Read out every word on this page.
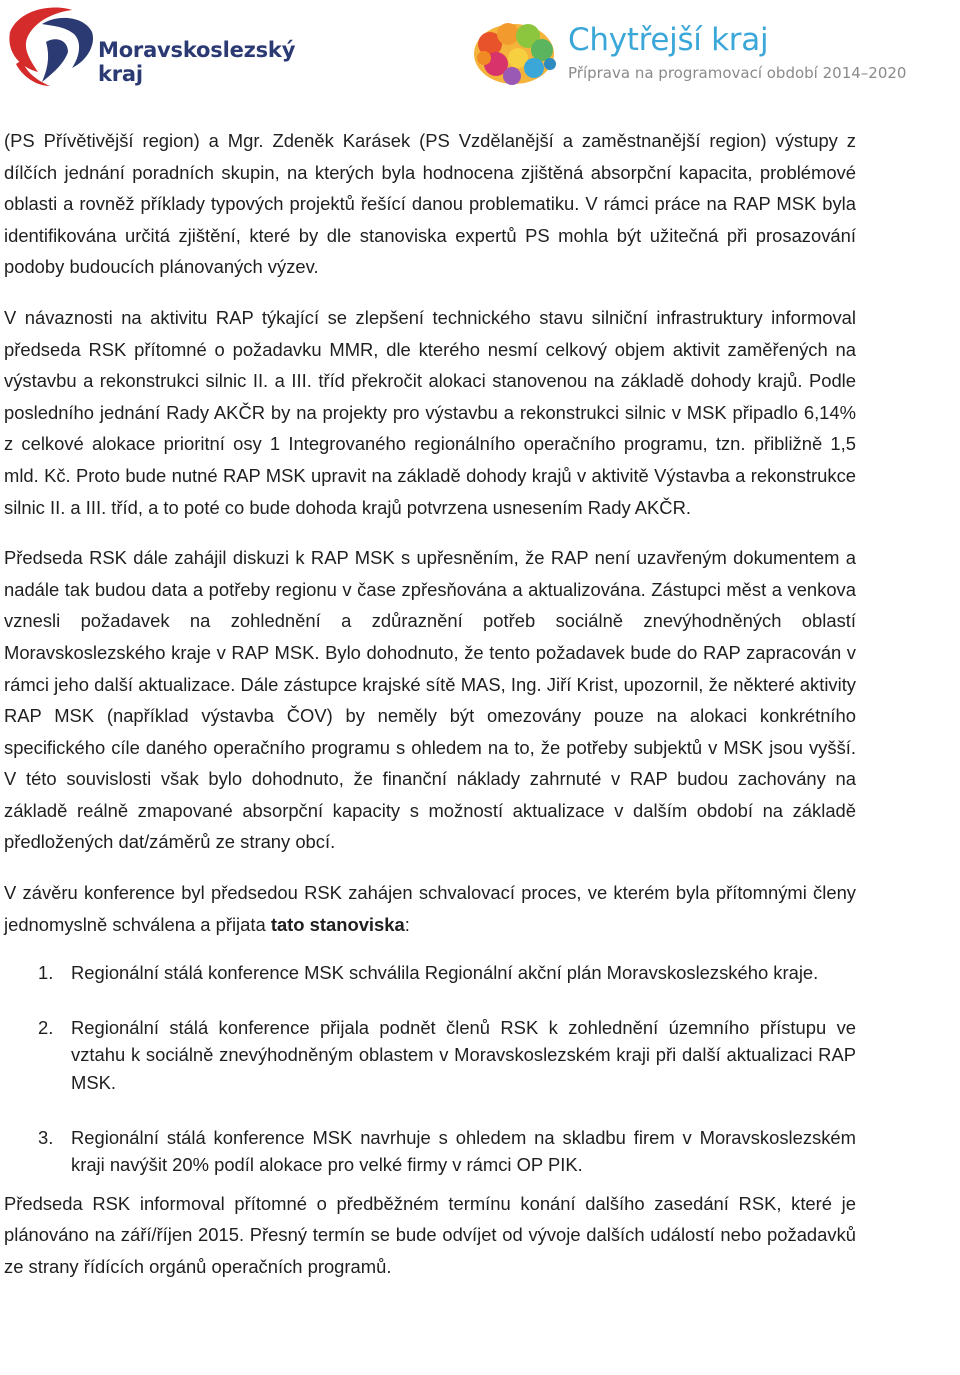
Moravskoslezský
kraj
Chytřejší kraj
Příprava na programovací období 2014–2020

(PS Přívětivější region) a Mgr. Zdeněk Karásek (PS Vzdělanější a zaměstnanější region) výstupy z dílčích jednání poradních skupin, na kterých byla hodnocena zjištěná absorpční kapacita, problémové oblasti a rovněž příklady typových projektů řešící danou problematiku. V rámci práce na RAP MSK byla identifikována určitá zjištění, které by dle stanoviska expertů PS mohla být užitečná při prosazování podoby budoucích plánovaných výzev.

V návaznosti na aktivitu RAP týkající se zlepšení technického stavu silniční infrastruktury informoval předseda RSK přítomné o požadavku MMR, dle kterého nesmí celkový objem aktivit zaměřených na výstavbu a rekonstrukci silnic II. a III. tříd překročit alokaci stanovenou na základě dohody krajů. Podle posledního jednání Rady AKČR by na projekty pro výstavbu a rekonstrukci silnic v MSK připadlo 6,14% z celkové alokace prioritní osy 1 Integrovaného regionálního operačního programu, tzn. přibližně 1,5 mld. Kč. Proto bude nutné RAP MSK upravit na základě dohody krajů v aktivitě Výstavba a rekonstrukce silnic II. a III. tříd, a to poté co bude dohoda krajů potvrzena usnesením Rady AKČR.

Předseda RSK dále zahájil diskuzi k RAP MSK s upřesněním, že RAP není uzavřeným dokumentem a nadále tak budou data a potřeby regionu v čase zpřesňována a aktualizována. Zástupci měst a venkova vznesli požadavek na zohlednění a zdůraznění potřeb sociálně znevýhodněných oblastí Moravskoslezského kraje v RAP MSK. Bylo dohodnuto, že tento požadavek bude do RAP zapracován v rámci jeho další aktualizace. Dále zástupce krajské sítě MAS, Ing. Jiří Krist, upozornil, že některé aktivity RAP MSK (například výstavba ČOV) by neměly být omezovány pouze na alokaci konkrétního specifického cíle daného operačního programu s ohledem na to, že potřeby subjektů v MSK jsou vyšší. V této souvislosti však bylo dohodnuto, že finanční náklady zahrnuté v RAP budou zachovány na základě reálně zmapované absorpční kapacity s možností aktualizace v dalším období na základě předložených dat/záměrů ze strany obcí.

V závěru konference byl předsedou RSK zahájen schvalovací proces, ve kterém byla přítomnými členy jednomyslně schválena a přijata tato stanoviska:

1. Regionální stálá konference MSK schválila Regionální akční plán Moravskoslezského kraje.
2. Regionální stálá konference přijala podnět členů RSK k zohlednění územního přístupu ve vztahu k sociálně znevýhodněným oblastem v Moravskoslezském kraji při další aktualizaci RAP MSK.
3. Regionální stálá konference MSK navrhuje s ohledem na skladbu firem v Moravskoslezském kraji navýšit 20% podíl alokace pro velké firmy v rámci OP PIK.

Předseda RSK informoval přítomné o předběžném termínu konání dalšího zasedání RSK, které je plánováno na září/říjen 2015. Přesný termín se bude odvíjet od vývoje dalších událostí nebo požadavků ze strany řídících orgánů operačních programů.
